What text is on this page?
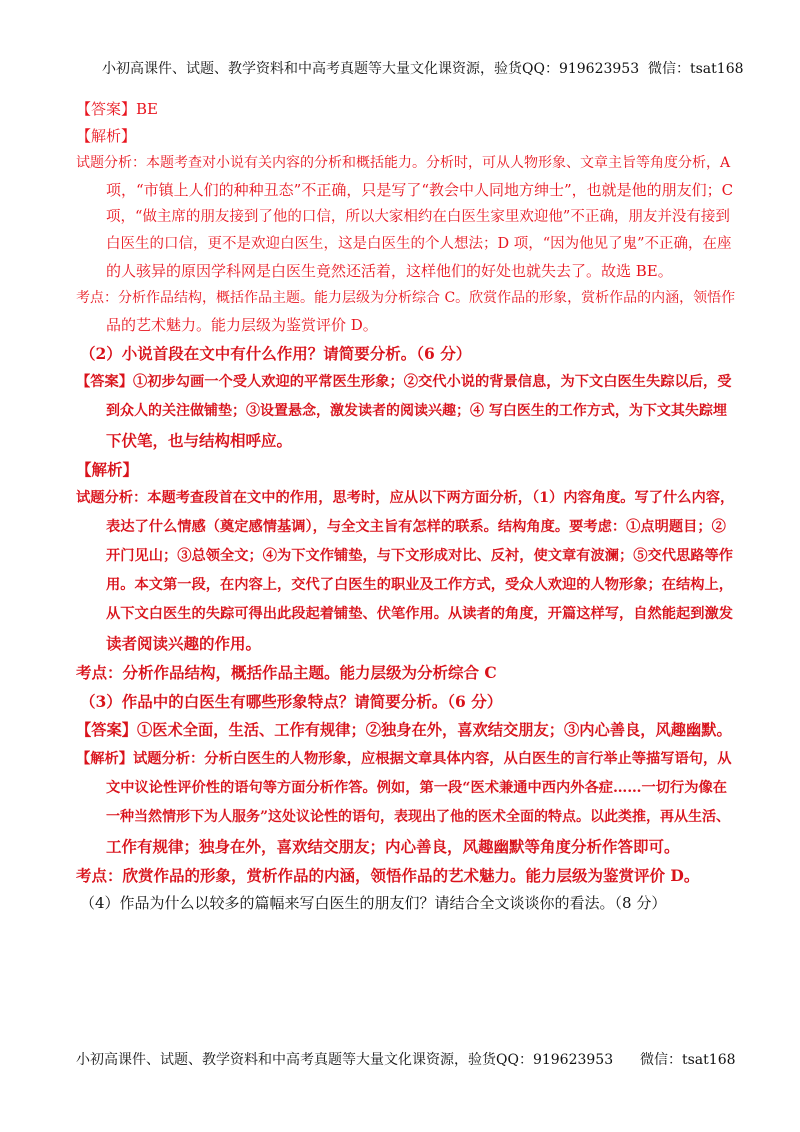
小初高课件、试题、教学资料和中高考真题等大量文化课资源，验货QQ：919623953 微信：tsat168
【答案】BE
【解析】
试题分析：本题考查对小说有关内容的分析和概括能力。分析时，可从人物形象、文章主旨等角度分析，A
项，“市镇上人们的种种丑态”不正确，只是写了“教会中人同地方绅士”，也就是他的朋友们；C
项，“做主席的朋友接到了他的口信，所以大家相约在白医生家里欢迎他”不正确，朋友并没有接到
白医生的口信，更不是欢迎白医生，这是白医生的个人想法；D 项，“因为他见了鬼”不正确，在座
的人骇异的原因学科网是白医生竟然还活着，这样他们的好处也就失去了。故选 BE。
考点：分析作品结构，概括作品主题。能力层级为分析综合 C。欣赏作品的形象，赏析作品的内涵，领悟作
品的艺术魅力。能力层级为鉴赏评价 D。
（2）小说首段在文中有什么作用？请简要分析。（6 分）
【答案】①初步勾画一个受人欢迎的平常医生形象；②交代小说的背景信息，为下文白医生失踪以后，受
到众人的关注做铺垫；③设置悬念，激发读者的阅读兴趣；④ 写白医生的工作方式，为下文其失踪埋
下伏笔，也与结构相呼应。
【解析】
试题分析：本题考查段首在文中的作用，思考时，应从以下两方面分析，（1）内容角度。写了什么内容，
表达了什么情感（奠定感情基调），与全文主旨有怎样的联系。结构角度。要考虑：①点明题目；②
开门见山；③总领全文；④为下文作铺垫，与下文形成对比、反衬，使文章有波澜；⑤交代思路等作
用。本文第一段，在内容上，交代了白医生的职业及工作方式，受众人欢迎的人物形象；在结构上，
从下文白医生的失踪可得出此段起着铺垫、伏笔作用。从读者的角度，开篇这样写，自然能起到激发
读者阅读兴趣的作用。
考点：分析作品结构，概括作品主题。能力层级为分析综合 C
（3）作品中的白医生有哪些形象特点？请简要分析。（6 分）
【答案】①医术全面，生活、工作有规律；②独身在外，喜欢结交朋友；③内心善良，风趣幽默。
【解析】试题分析：分析白医生的人物形象，应根据文章具体内容，从白医生的言行举止等描写语句，从
文中议论性评价性的语句等方面分析作答。例如，第一段“医术兼通中西内外各症……一切行为像在
一种当然情形下为人服务”这处议论性的语句，表现出了他的医术全面的特点。以此类推，再从生活、
工作有规律；独身在外，喜欢结交朋友；内心善良，风趣幽默等角度分析作答即可。
考点：欣赏作品的形象，赏析作品的内涵，领悟作品的艺术魅力。能力层级为鉴赏评价 D。
（4）作品为什么以较多的篇幅来写白医生的朋友们？请结合全文谈谈你的看法。（8 分）
小初高课件、试题、教学资料和中高考真题等大量文化课资源，验货QQ：919623953 微信：tsat168
